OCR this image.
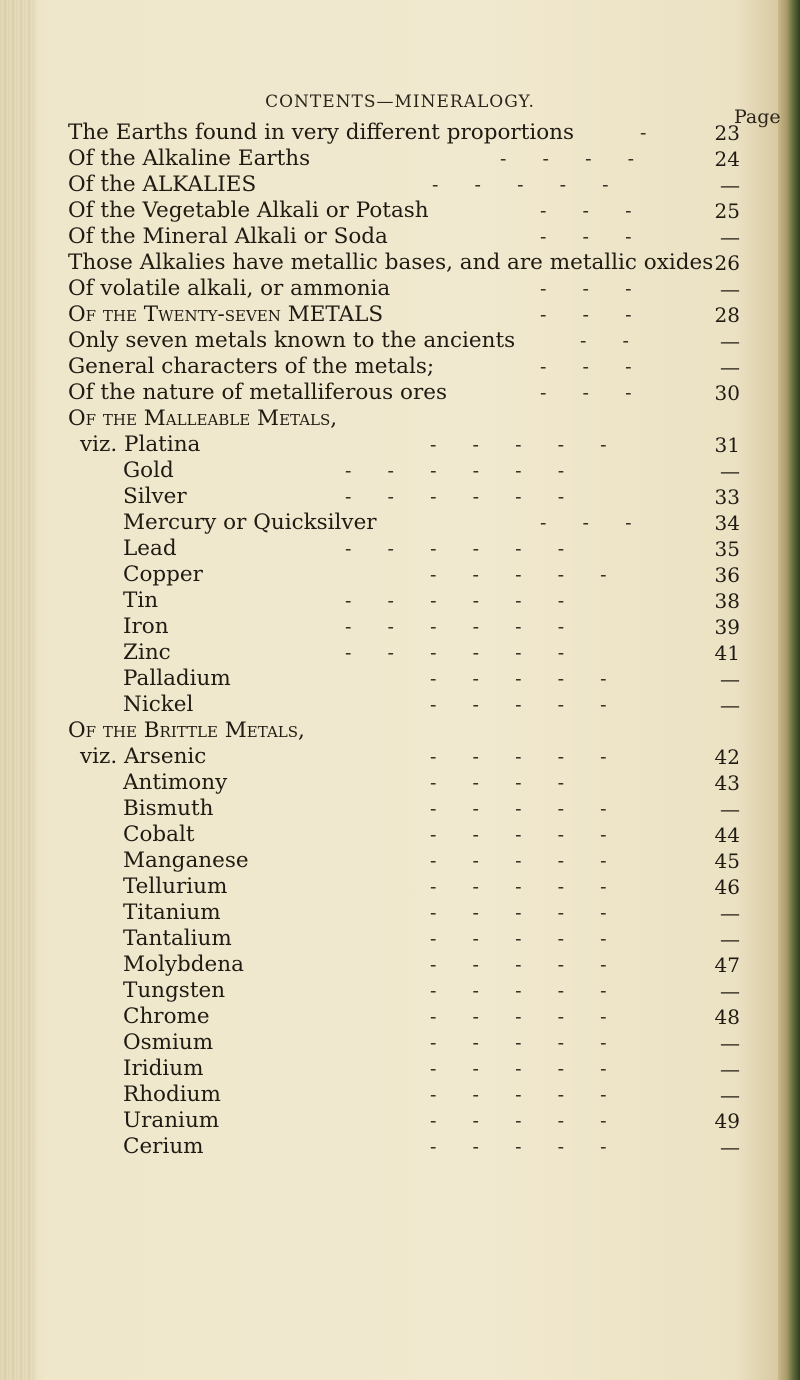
CONTENTS—MINERALOGY.
Page
The Earths found in very different proportions	-	23
Of the Alkaline Earths	-   -   -   -	24
Of the ALKALIES	-   -   -   -   -	—
Of the Vegetable Alkali or Potash	-   -   -	25
Of the Mineral Alkali or Soda	-   -   -	—
Those Alkalies have metallic bases, and are metallic oxides 26
Of volatile alkali, or ammonia	-   -   -	—
Of the Twenty-seven METALS	-   -   -	28
Only seven metals known to the ancients	-   -	—
General characters of the metals;	-   -   -	—
Of the nature of metalliferous ores	-   -   -	30
Of the Malleable Metals,
viz. Platina	-   -   -   -   -	31
Gold	-   -   -   -   -   -	—
Silver	-   -   -   -   -   -	33
Mercury or Quicksilver	-   -   -	34
Lead	-   -   -   -   -   -	35
Copper	-   -   -   -   -	36
Tin	-   -   -   -   -   -	38
Iron	-   -   -   -   -   -	39
Zinc	-   -   -   -   -   -	41
Palladium	-   -   -   -   -	—
Nickel	-   -   -   -   -	—
Of the Brittle Metals,
viz. Arsenic	-   -   -   -   -	42
Antimony	-   -   -   -	43
Bismuth	-   -   -   -   -	—
Cobalt	-   -   -   -   -	44
Manganese	-   -   -   -   -	45
Tellurium	-   -   -   -   -	46
Titanium	-   -   -   -   -	—
Tantalium	-   -   -   -   -	—
Molybdena	-   -   -   -   -	47
Tungsten	-   -   -   -   -	—
Chrome	-   -   -   -   -	48
Osmium	-   -   -   -   -	—
Iridium	-   -   -   -   -	—
Rhodium	-   -   -   -   -	—
Uranium	-   -   -   -   -	49
Cerium	-   -   -   -   -	—
